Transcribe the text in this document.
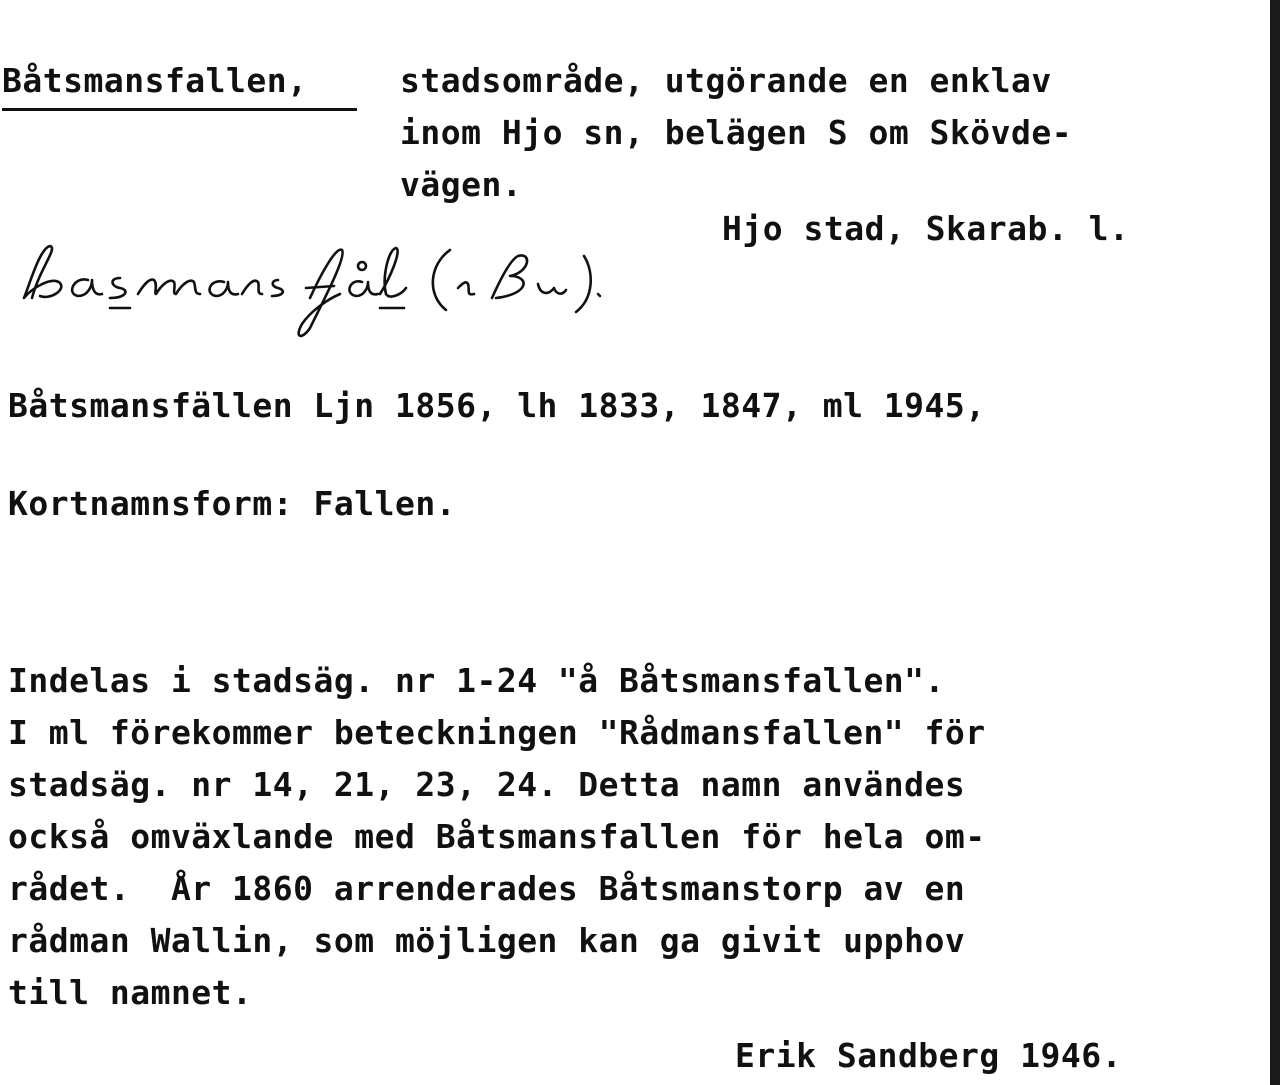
Båtsmansfallen,	stadsområde, utgörande en enklav
inom Hjo sn, belägen S om Skövde-
vägen.
Hjo stad, Skarab. l.
Båtsmansfällen Ljn 1856, lh 1833, 1847, ml 1945,
Kortnamnsform: Fallen.
Indelas i stadsäg. nr 1-24 "å Båtsmansfallen".
I ml förekommer beteckningen "Rådmansfallen" för
stadsäg. nr 14, 21, 23, 24. Detta namn användes
också omväxlande med Båtsmansfallen för hela om-
rådet.  År 1860 arrenderades Båtsmanstorp av en
rådman Wallin, som möjligen kan ga givit upphov
till namnet.
Erik Sandberg 1946.
